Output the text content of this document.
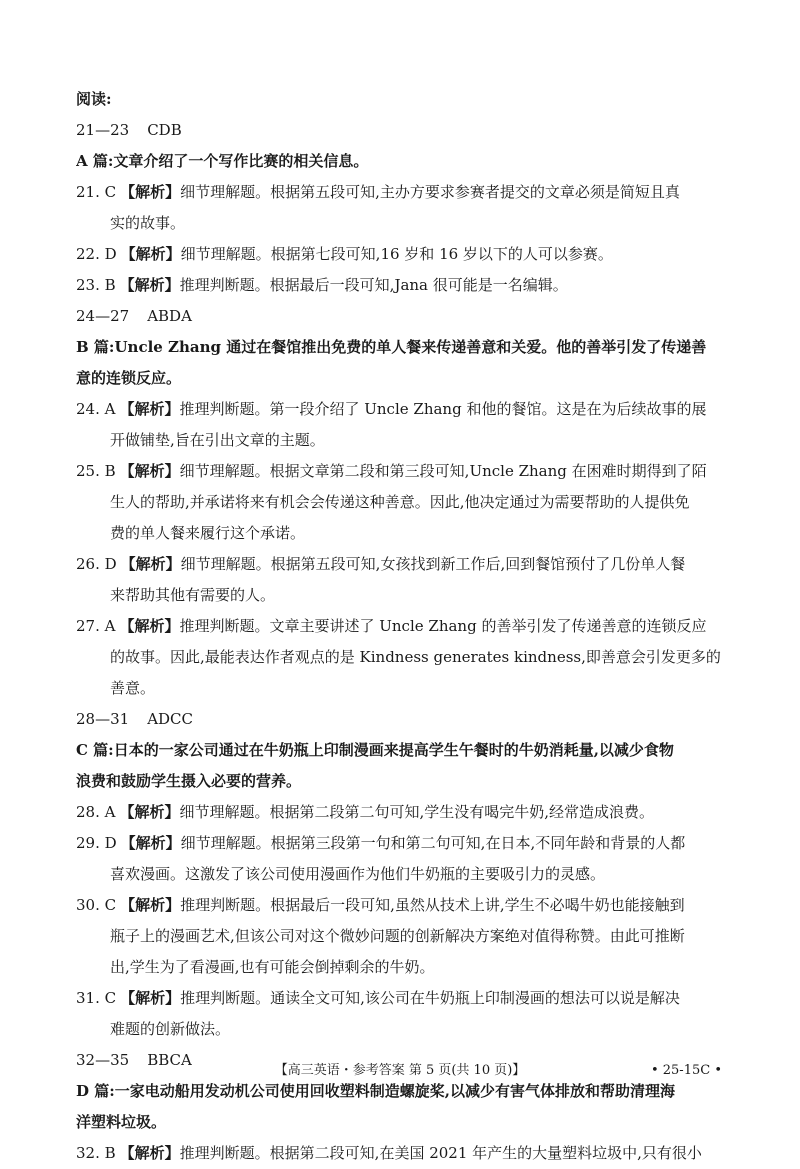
阅读:
21—23 CDB
A 篇:文章介绍了一个写作比赛的相关信息。
21. C 【解析】细节理解题。根据第五段可知,主办方要求参赛者提交的文章必须是简短且真
实的故事。
22. D 【解析】细节理解题。根据第七段可知,16 岁和 16 岁以下的人可以参赛。
23. B 【解析】推理判断题。根据最后一段可知,Jana 很可能是一名编辑。
24—27 ABDA
B 篇:Uncle Zhang 通过在餐馆推出免费的单人餐来传递善意和关爱。他的善举引发了传递善
意的连锁反应。
24. A 【解析】推理判断题。第一段介绍了 Uncle Zhang 和他的餐馆。这是在为后续故事的展
开做铺垫,旨在引出文章的主题。
25. B 【解析】细节理解题。根据文章第二段和第三段可知,Uncle Zhang 在困难时期得到了陌
生人的帮助,并承诺将来有机会会传递这种善意。因此,他决定通过为需要帮助的人提供免
费的单人餐来履行这个承诺。
26. D 【解析】细节理解题。根据第五段可知,女孩找到新工作后,回到餐馆预付了几份单人餐
来帮助其他有需要的人。
27. A 【解析】推理判断题。文章主要讲述了 Uncle Zhang 的善举引发了传递善意的连锁反应
的故事。因此,最能表达作者观点的是 Kindness generates kindness,即善意会引发更多的
善意。
28—31 ADCC
C 篇:日本的一家公司通过在牛奶瓶上印制漫画来提高学生午餐时的牛奶消耗量,以减少食物
浪费和鼓励学生摄入必要的营养。
28. A 【解析】细节理解题。根据第二段第二句可知,学生没有喝完牛奶,经常造成浪费。
29. D 【解析】细节理解题。根据第三段第一句和第二句可知,在日本,不同年龄和背景的人都
喜欢漫画。这激发了该公司使用漫画作为他们牛奶瓶的主要吸引力的灵感。
30. C 【解析】推理判断题。根据最后一段可知,虽然从技术上讲,学生不必喝牛奶也能接触到
瓶子上的漫画艺术,但该公司对这个微妙问题的创新解决方案绝对值得称赞。由此可推断
出,学生为了看漫画,也有可能会倒掉剩余的牛奶。
31. C 【解析】推理判断题。通读全文可知,该公司在牛奶瓶上印制漫画的想法可以说是解决
难题的创新做法。
32—35 BBCA
D 篇:一家电动船用发动机公司使用回收塑料制造螺旋桨,以减少有害气体排放和帮助清理海
洋塑料垃圾。
32. B 【解析】推理判断题。根据第二段可知,在美国 2021 年产生的大量塑料垃圾中,只有很小
【高三英语・参考答案 第 5 页(共 10 页)】	• 25-15C •
